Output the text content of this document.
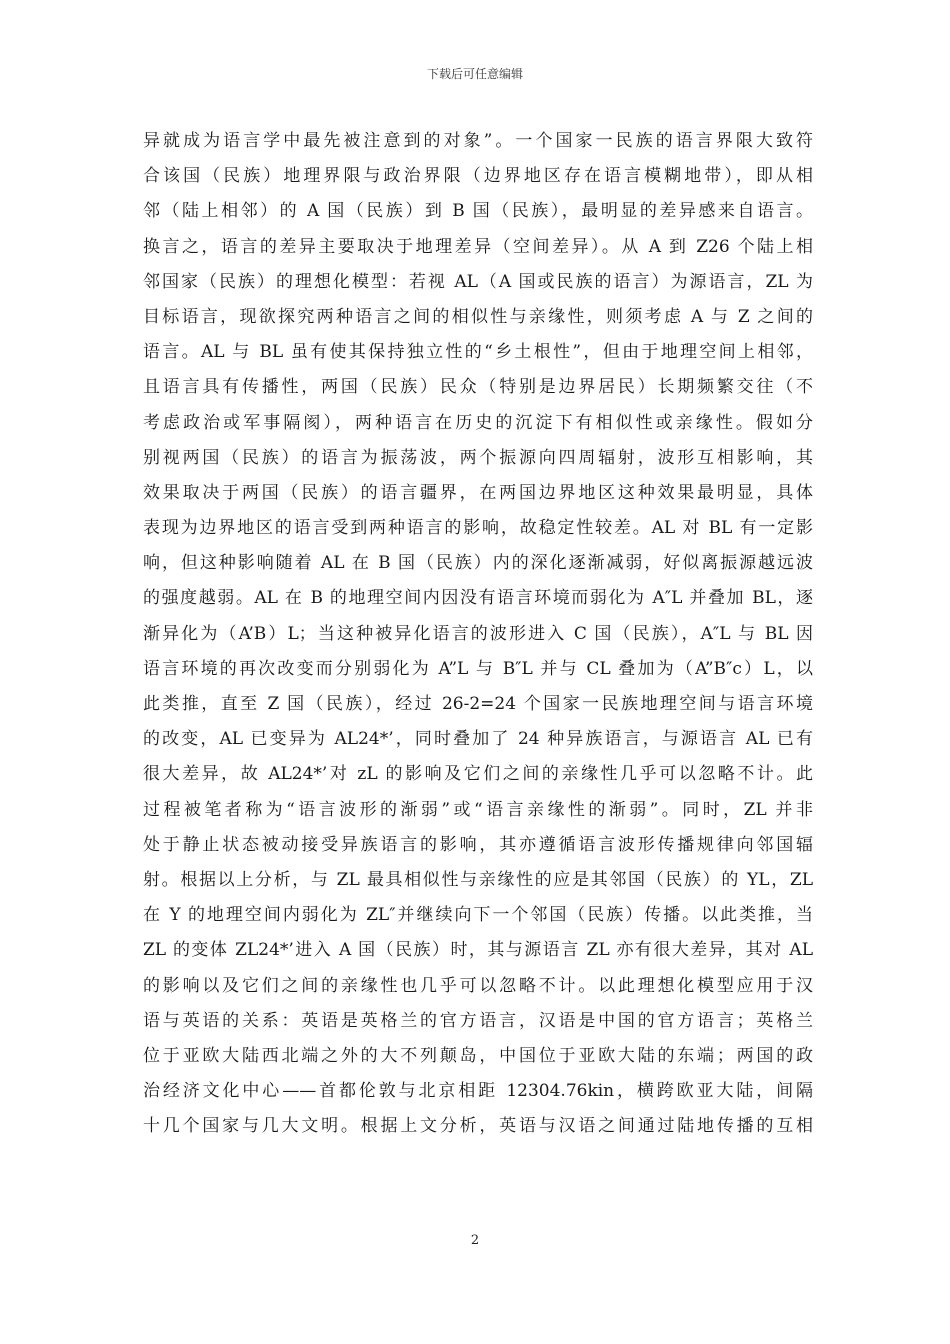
下载后可任意编辑
异就成为语言学中最先被注意到的对象”。一个国家一民族的语言界限大致符
合该国（民族）地理界限与政治界限（边界地区存在语言模糊地带），即从相
邻（陆上相邻）的 A 国（民族）到 B 国（民族），最明显的差异感来自语言。
换言之，语言的差异主要取决于地理差异（空间差异）。从 A 到 Z26 个陆上相
邻国家（民族）的理想化模型：若视 AL（A 国或民族的语言）为源语言，ZL 为
目标语言，现欲探究两种语言之间的相似性与亲缘性，则须考虑 A 与 Z 之间的
语言。AL 与 BL 虽有使其保持独立性的“乡土根性”，但由于地理空间上相邻，
且语言具有传播性，两国（民族）民众（特别是边界居民）长期频繁交往（不
考虑政治或军事隔阂），两种语言在历史的沉淀下有相似性或亲缘性。假如分
别视两国（民族）的语言为振荡波，两个振源向四周辐射，波形互相影响，其
效果取决于两国（民族）的语言疆界，在两国边界地区这种效果最明显，具体
表现为边界地区的语言受到两种语言的影响，故稳定性较差。AL 对 BL 有一定影
响，但这种影响随着 AL 在 B 国（民族）内的深化逐渐减弱，好似离振源越远波
的强度越弱。AL 在 B 的地理空间内因没有语言环境而弱化为 A″L 并叠加 BL，逐
渐异化为（A’B）L；当这种被异化语言的波形进入 C 国（民族），A″L 与 BL 因
语言环境的再次改变而分别弱化为 A”L 与 B″L 并与 CL 叠加为（A”B″c）L，以
此类推，直至 Z 国（民族），经过 26-2=24 个国家一民族地理空间与语言环境
的改变，AL 已变异为 AL24*’，同时叠加了 24 种异族语言，与源语言 AL 已有
很大差异，故 AL24*’对 zL 的影响及它们之间的亲缘性几乎可以忽略不计。此
过程被笔者称为“语言波形的渐弱”或“语言亲缘性的渐弱”。同时，ZL 并非
处于静止状态被动接受异族语言的影响，其亦遵循语言波形传播规律向邻国辐
射。根据以上分析，与 ZL 最具相似性与亲缘性的应是其邻国（民族）的 YL，ZL
在 Y 的地理空间内弱化为 ZL″并继续向下一个邻国（民族）传播。以此类推，当
ZL 的变体 ZL24*’进入 A 国（民族）时，其与源语言 ZL 亦有很大差异，其对 AL
的影响以及它们之间的亲缘性也几乎可以忽略不计。以此理想化模型应用于汉
语与英语的关系：英语是英格兰的官方语言，汉语是中国的官方语言；英格兰
位于亚欧大陆西北端之外的大不列颠岛，中国位于亚欧大陆的东端；两国的政
治经济文化中心——首都伦敦与北京相距 12304.76kin，横跨欧亚大陆，间隔
十几个国家与几大文明。根据上文分析，英语与汉语之间通过陆地传播的互相
2
